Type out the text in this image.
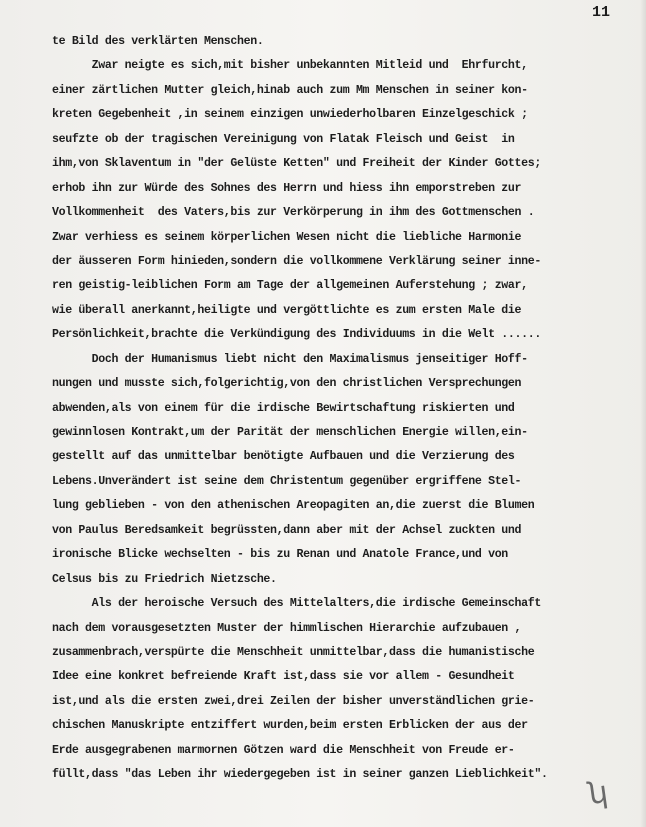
11
te Bild des verklärten Menschen.
Zwar neigte es sich,mit bisher unbekannten Mitleid und  Ehrfurcht,
einer zärtlichen Mutter gleich,hinab auch zum Mm Menschen in seiner kon-
kreten Gegebenheit ,in seinem einzigen unwiederholbaren Einzelgeschick ;
seufzte ob der tragischen Vereinigung von Flatak Fleisch und Geist  in
ihm,von Sklaventum in "der Gelüste Ketten" und Freiheit der Kinder Gottes;
erhob ihn zur Würde des Sohnes des Herrn und hiess ihn emporstreben zur
Vollkommenheit  des Vaters,bis zur Verkörperung in ihm des Gottmenschen .
Zwar verhiess es seinem körperlichen Wesen nicht die liebliche Harmonie
der äusseren Form hinieden,sondern die vollkommene Verklärung seiner inne-
ren geistig-leiblichen Form am Tage der allgemeinen Auferstehung ; zwar,
wie überall anerkannt,heiligte und vergöttlichte es zum ersten Male die
Persönlichkeit,brachte die Verkündigung des Individuums in die Welt ......
Doch der Humanismus liebt nicht den Maximalismus jenseitiger Hoff-
nungen und musste sich,folgerichtig,von den christlichen Versprechungen
abwenden,als von einem für die irdische Bewirtschaftung riskierten und
gewinnlosen Kontrakt,um der Parität der menschlichen Energie willen,ein-
gestellt auf das unmittelbar benötigte Aufbauen und die Verzierung des
Lebens.Unverändert ist seine dem Christentum gegenüber ergriffene Stel-
lung geblieben - von den athenischen Areopagiten an,die zuerst die Blumen
von Paulus Beredsamkeit begrüssten,dann aber mit der Achsel zuckten und
ironische Blicke wechselten - bis zu Renan und Anatole France,und von
Celsus bis zu Friedrich Nietzsche.
Als der heroische Versuch des Mittelalters,die irdische Gemeinschaft
nach dem vorausgesetzten Muster der himmlischen Hierarchie aufzubauen ,
zusammenbrach,verspürte die Menschheit unmittelbar,dass die humanistische
Idee eine konkret befreiende Kraft ist,dass sie vor allem - Gesundheit
ist,und als die ersten zwei,drei Zeilen der bisher unverständlichen grie-
chischen Manuskripte entziffert wurden,beim ersten Erblicken der aus der
Erde ausgegrabenen marmornen Götzen ward die Menschheit von Freude er-
füllt,dass "das Leben ihr wiedergegeben ist in seiner ganzen Lieblichkeit".
ʮ
